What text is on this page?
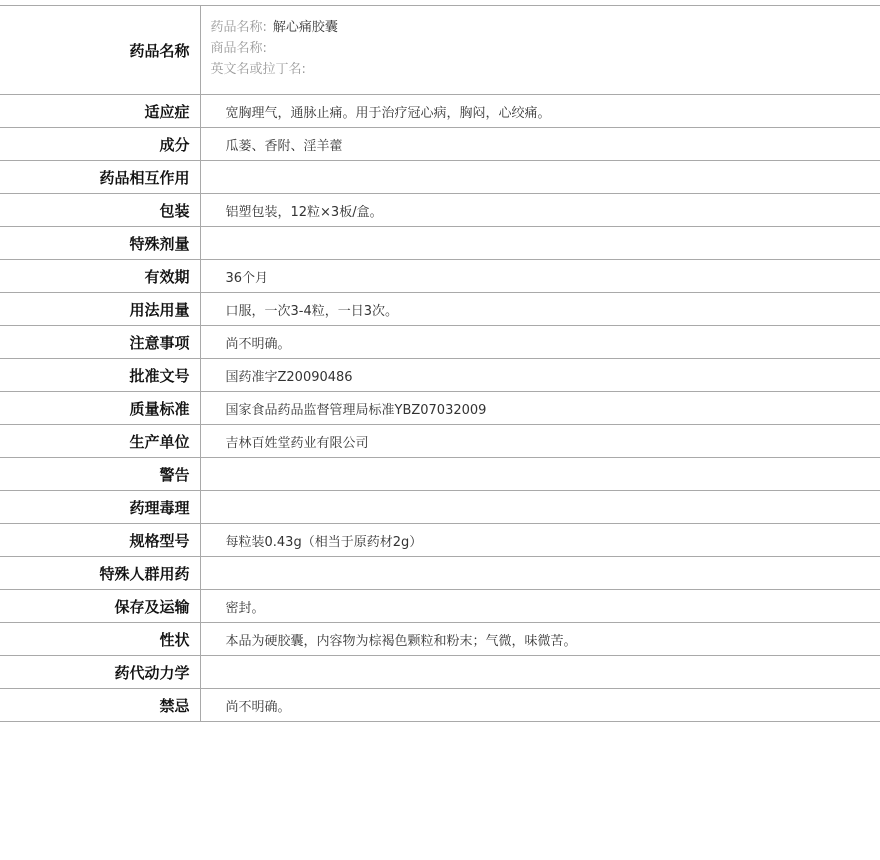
药品名称	药品名称: 解心痛胶囊
商品名称:
英文名或拉丁名:

适应症	宽胸理气，通脉止痛。用于治疗冠心病，胸闷，心绞痛。
成分	瓜蒌、香附、淫羊藿
药品相互作用	
包装	铝塑包装，12粒×3板/盒。
特殊剂量	
有效期	36个月
用法用量	口服，一次3-4粒，一日3次。
注意事项	尚不明确。
批准文号	国药准字Z20090486
质量标准	国家食品药品监督管理局标准YBZ07032009
生产单位	吉林百姓堂药业有限公司
警告	
药理毒理	
规格型号	每粒装0.43g（相当于原药材2g）
特殊人群用药	
保存及运输	密封。
性状	本品为硬胶囊，内容物为棕褐色颗粒和粉末；气微，味微苦。
药代动力学	
禁忌	尚不明确。
